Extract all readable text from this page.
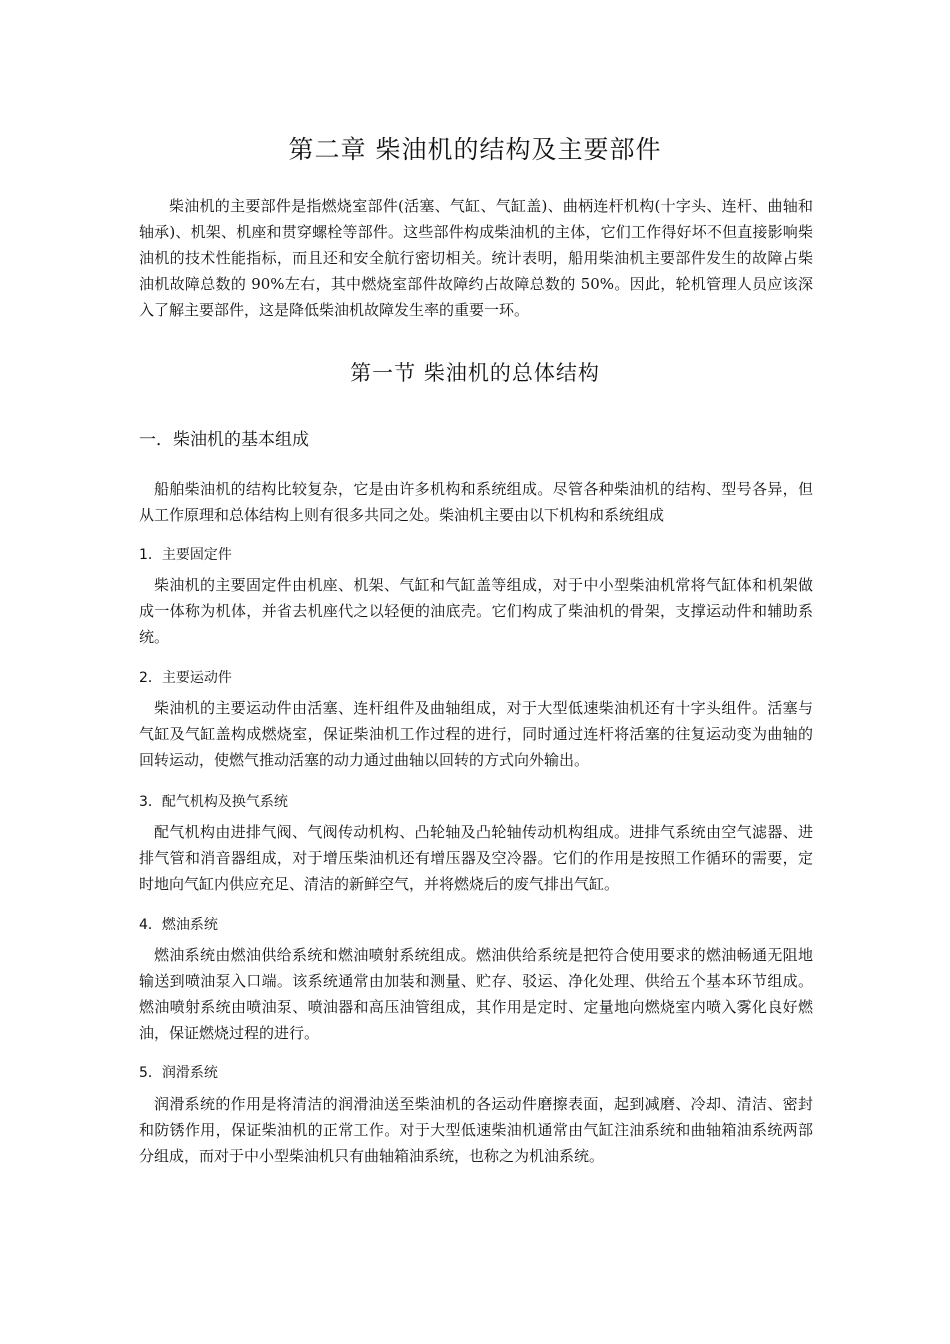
第二章 柴油机的结构及主要部件

柴油机的主要部件是指燃烧室部件(活塞、气缸、气缸盖)、曲柄连杆机构(十字头、连杆、曲轴和轴承)、机架、机座和贯穿螺栓等部件。这些部件构成柴油机的主体，它们工作得好坏不但直接影响柴油机的技术性能指标，而且还和安全航行密切相关。统计表明，船用柴油机主要部件发生的故障占柴油机故障总数的 90%左右，其中燃烧室部件故障约占故障总数的 50%。因此，轮机管理人员应该深入了解主要部件，这是降低柴油机故障发生率的重要一环。

第一节 柴油机的总体结构
一．柴油机的基本组成

船舶柴油机的结构比较复杂，它是由许多机构和系统组成。尽管各种柴油机的结构、型号各异，但从工作原理和总体结构上则有很多共同之处。柴油机主要由以下机构和系统组成

1．主要固定件

柴油机的主要固定件由机座、机架、气缸和气缸盖等组成，对于中小型柴油机常将气缸体和机架做成一体称为机体，并省去机座代之以轻便的油底壳。它们构成了柴油机的骨架，支撑运动件和辅助系统。

2．主要运动件

柴油机的主要运动件由活塞、连杆组件及曲轴组成，对于大型低速柴油机还有十字头组件。活塞与气缸及气缸盖构成燃烧室，保证柴油机工作过程的进行，同时通过连杆将活塞的往复运动变为曲轴的回转运动，使燃气推动活塞的动力通过曲轴以回转的方式向外输出。

3．配气机构及换气系统

配气机构由进排气阀、气阀传动机构、凸轮轴及凸轮轴传动机构组成。进排气系统由空气滤器、进排气管和消音器组成，对于增压柴油机还有增压器及空冷器。它们的作用是按照工作循环的需要，定时地向气缸内供应充足、清洁的新鲜空气，并将燃烧后的废气排出气缸。

4．燃油系统

燃油系统由燃油供给系统和燃油喷射系统组成。燃油供给系统是把符合使用要求的燃油畅通无阻地输送到喷油泵入口端。该系统通常由加装和测量、贮存、驳运、净化处理、供给五个基本环节组成。燃油喷射系统由喷油泵、喷油器和高压油管组成，其作用是定时、定量地向燃烧室内喷入雾化良好燃油，保证燃烧过程的进行。

5．润滑系统

润滑系统的作用是将清洁的润滑油送至柴油机的各运动件磨擦表面，起到减磨、冷却、清洁、密封和防锈作用，保证柴油机的正常工作。对于大型低速柴油机通常由气缸注油系统和曲轴箱油系统两部分组成，而对于中小型柴油机只有曲轴箱油系统，也称之为机油系统。
